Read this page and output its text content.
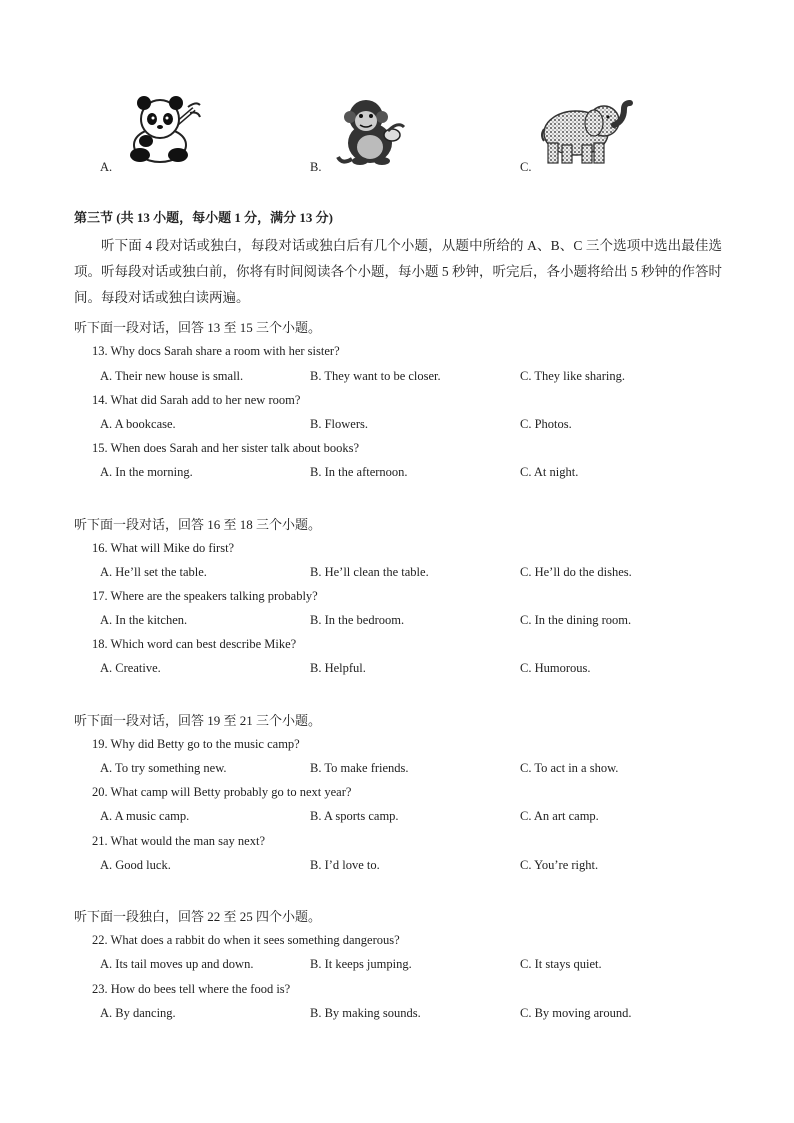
A.	B.	C.
第三节 (共 13 小题，每小题 1 分，满分 13 分)
听下面 4 段对话或独白，每段对话或独白后有几个小题，从题中所给的 A、B、C 三个选项中选出最佳选项。听每段对话或独白前，你将有时间阅读各个小题，每小题 5 秒钟，听完后，各小题将给出 5 秒钟的作答时间。每段对话或独白读两遍。
听下面一段对话，回答 13 至 15 三个小题。
13. Why docs Sarah share a room with her sister?
A. Their new house is small.	B. They want to be closer.	C. They like sharing.
14. What did Sarah add to her new room?
A. A bookcase.	B. Flowers.	C. Photos.
15. When does Sarah and her sister talk about books?
A. In the morning.	B. In the afternoon.	C. At night.
听下面一段对话，回答 16 至 18 三个小题。
16. What will Mike do first?
A. He’ll set the table.	B. He’ll clean the table.	C. He’ll do the dishes.
17. Where are the speakers talking probably?
A. In the kitchen.	B. In the bedroom.	C. In the dining room.
18. Which word can best describe Mike?
A. Creative.	B. Helpful.	C. Humorous.
听下面一段对话，回答 19 至 21 三个小题。
19. Why did Betty go to the music camp?
A. To try something new.	B. To make friends.	C. To act in a show.
20. What camp will Betty probably go to next year?
A. A music camp.	B. A sports camp.	C. An art camp.
21. What would the man say next?
A. Good luck.	B. I’d love to.	C. You’re right.
听下面一段独白，回答 22 至 25 四个小题。
22. What does a rabbit do when it sees something dangerous?
A. Its tail moves up and down.	B. It keeps jumping.	C. It stays quiet.
23. How do bees tell where the food is?
A. By dancing.	B. By making sounds.	C. By moving around.
